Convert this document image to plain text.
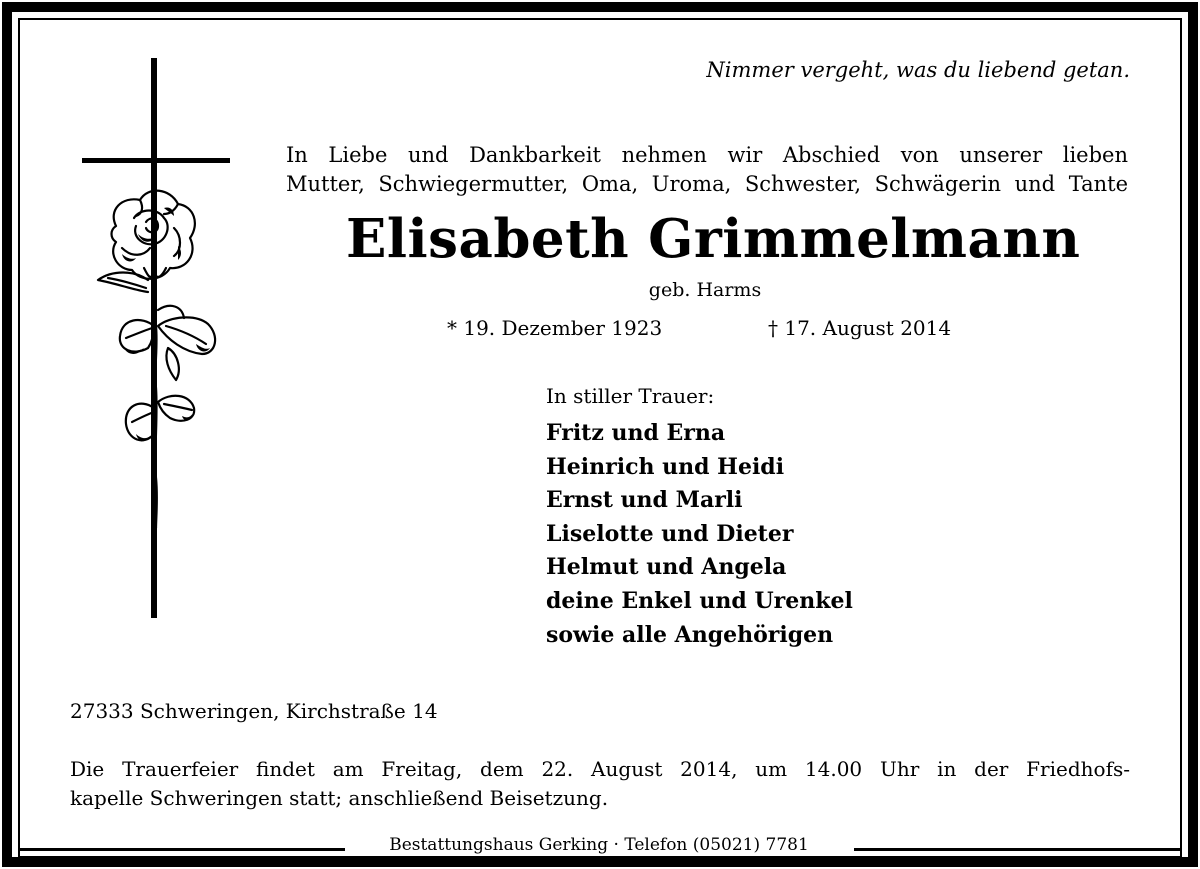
Nimmer vergeht, was du liebend getan.
In Liebe und Dankbarkeit nehmen wir Abschied von unserer lieben
Mutter, Schwiegermutter, Oma, Uroma, Schwester, Schwägerin und Tante
Elisabeth Grimmelmann
geb. Harms
* 19. Dezember 1923	† 17. August 2014
In stiller Trauer:
Fritz und Erna
Heinrich und Heidi
Ernst und Marli
Liselotte und Dieter
Helmut und Angela
deine Enkel und Urenkel
sowie alle Angehörigen
27333 Schweringen, Kirchstraße 14
Die Trauerfeier findet am Freitag, dem 22. August 2014, um 14.00 Uhr in der Friedhofs-
kapelle Schweringen statt; anschließend Beisetzung.
Bestattungshaus Gerking · Telefon (05021) 7781
